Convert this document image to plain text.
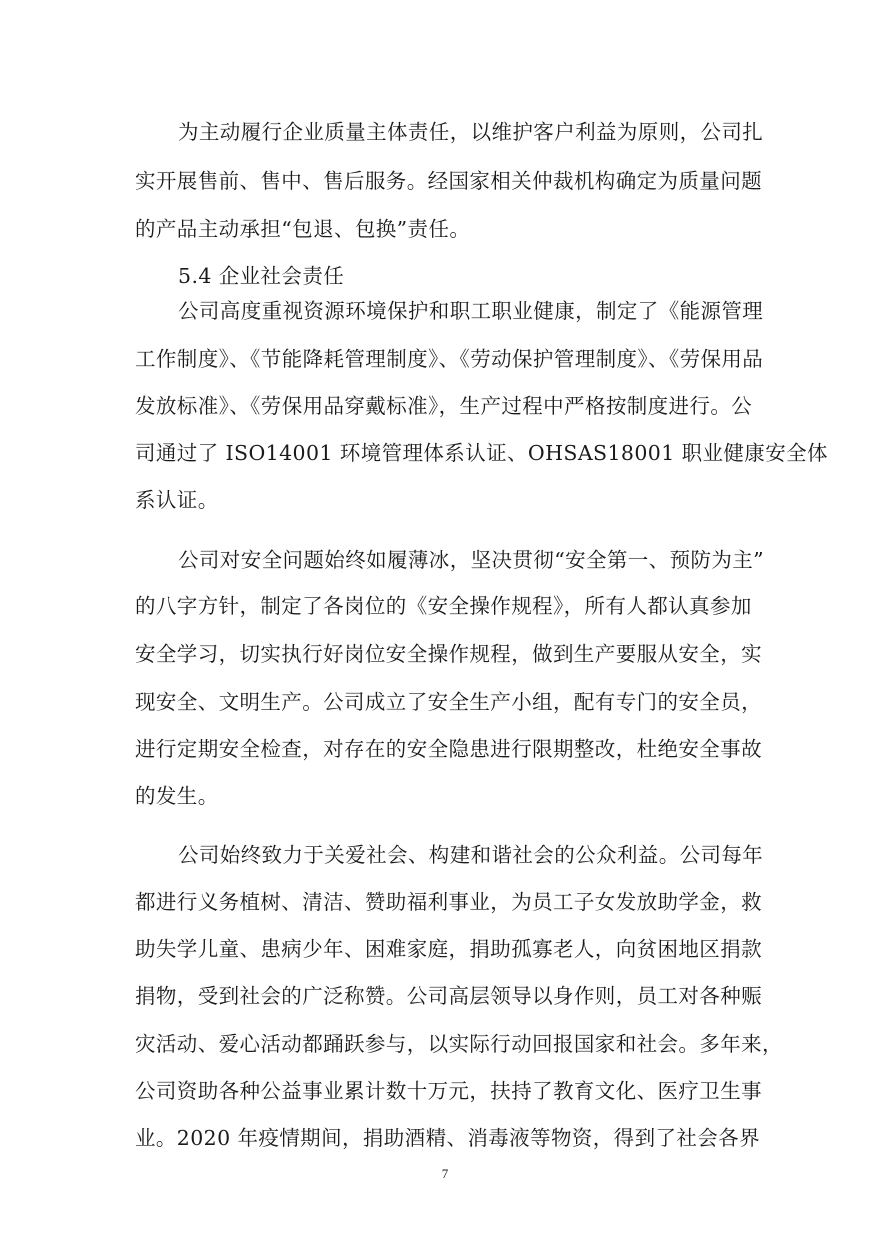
为主动履行企业质量主体责任，以维护客户利益为原则，公司扎

实开展售前、售中、售后服务。经国家相关仲裁机构确定为质量问题

的产品主动承担“包退、包换”责任。

5.4 企业社会责任

公司高度重视资源环境保护和职工职业健康，制定了《能源管理

工作制度》、《节能降耗管理制度》、《劳动保护管理制度》、《劳保用品

发放标准》、《劳保用品穿戴标准》，生产过程中严格按制度进行。公

司通过了 ISO14001 环境管理体系认证、OHSAS18001 职业健康安全体

系认证。

公司对安全问题始终如履薄冰，坚决贯彻“安全第一、预防为主”

的八字方针，制定了各岗位的《安全操作规程》，所有人都认真参加

安全学习，切实执行好岗位安全操作规程，做到生产要服从安全，实

现安全、文明生产。公司成立了安全生产小组，配有专门的安全员，

进行定期安全检查，对存在的安全隐患进行限期整改，杜绝安全事故

的发生。

公司始终致力于关爱社会、构建和谐社会的公众利益。公司每年

都进行义务植树、清洁、赞助福利事业，为员工子女发放助学金，救

助失学儿童、患病少年、困难家庭，捐助孤寡老人，向贫困地区捐款

捐物，受到社会的广泛称赞。公司高层领导以身作则，员工对各种赈

灾活动、爱心活动都踊跃参与，以实际行动回报国家和社会。多年来，

公司资助各种公益事业累计数十万元，扶持了教育文化、医疗卫生事

业。2020 年疫情期间，捐助酒精、消毒液等物资，得到了社会各界

7
